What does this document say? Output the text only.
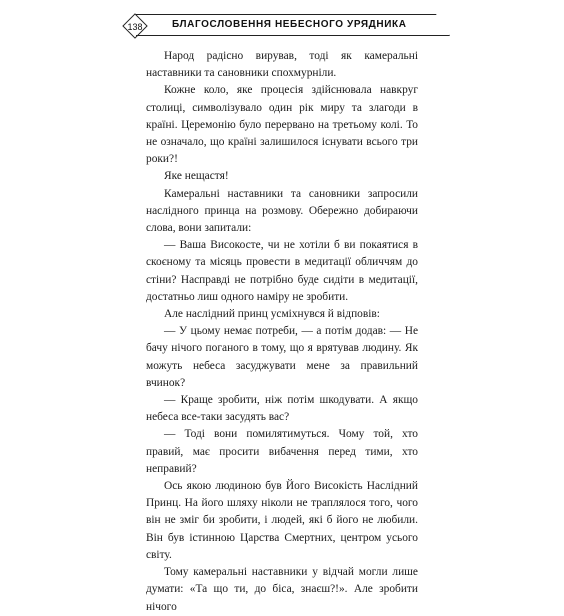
138	БЛАГОСЛОВЕННЯ НЕБЕСНОГО УРЯДНИКА

Народ радісно вирував, тоді як камеральні наставники та сановники спохмурніли.

Кожне коло, яке процесія здійснювала навкруг столиці, символізувало один рік миру та злагоди в країні. Церемонію було перервано на третьому колі. То не означало, що країні залишилося існувати всього три роки?!

Яке нещастя!

Камеральні наставники та сановники запросили наслідного принца на розмову. Обережно добираючи слова, вони запитали:

— Ваша Високосте, чи не хотіли б ви покаятися в скоєному та місяць провести в медитації обличчям до стіни? Насправді не потрібно буде сидіти в медитації, достатньо лиш одного наміру не зробити.

Але наслідний принц усміхнувся й відповів:

— У цьому немає потреби, — а потім додав: — Не бачу нічого поганого в тому, що я врятував людину. Як можуть небеса засуджувати мене за правильний вчинок?

— Краще зробити, ніж потім шкодувати. А якщо небеса все-таки засудять вас?

— Тоді вони помилятимуться. Чому той, хто правий, має просити вибачення перед тими, хто неправий?

Ось якою людиною був Його Високість Наслідний Принц. На його шляху ніколи не траплялося того, чого він не зміг би зробити, і людей, які б його не любили. Він був істинною Царства Смертних, центром усього світу.

Тому камеральні наставники у відчай могли лише думати: «Та що ти, до біса, знаєш?!». Але зробити нічого
